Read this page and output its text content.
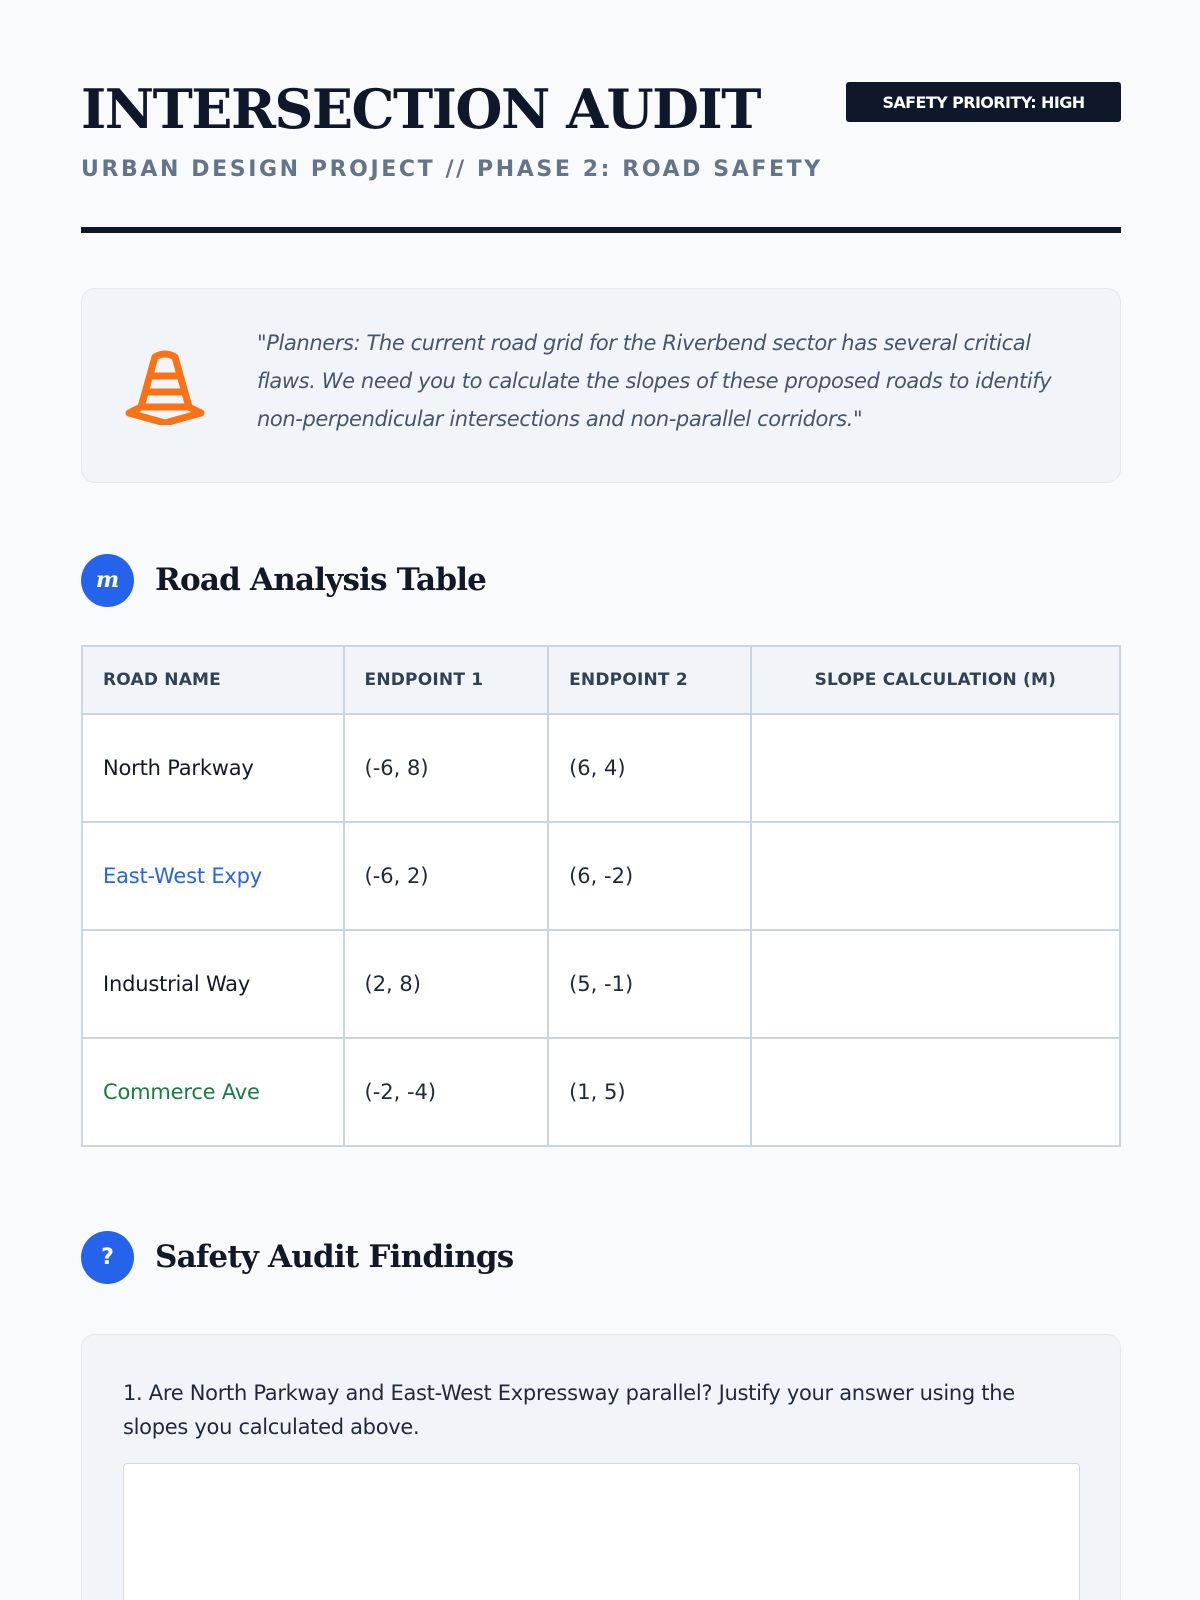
INTERSECTION AUDIT
URBAN DESIGN PROJECT // PHASE 2: ROAD SAFETY
SAFETY PRIORITY: HIGH
"Planners: The current road grid for the Riverbend sector has several critical flaws. We need you to calculate the slopes of these proposed roads to identify non-perpendicular intersections and non-parallel corridors."
m	Road Analysis Table
ROAD NAME	ENDPOINT 1	ENDPOINT 2	SLOPE CALCULATION (M)
North Parkway	(-6, 8)	(6, 4)	
East-West Expy	(-6, 2)	(6, -2)	
Industrial Way	(2, 8)	(5, -1)	
Commerce Ave	(-2, -4)	(1, 5)	
?	Safety Audit Findings
1. Are North Parkway and East-West Expressway parallel? Justify your answer using the slopes you calculated above.
